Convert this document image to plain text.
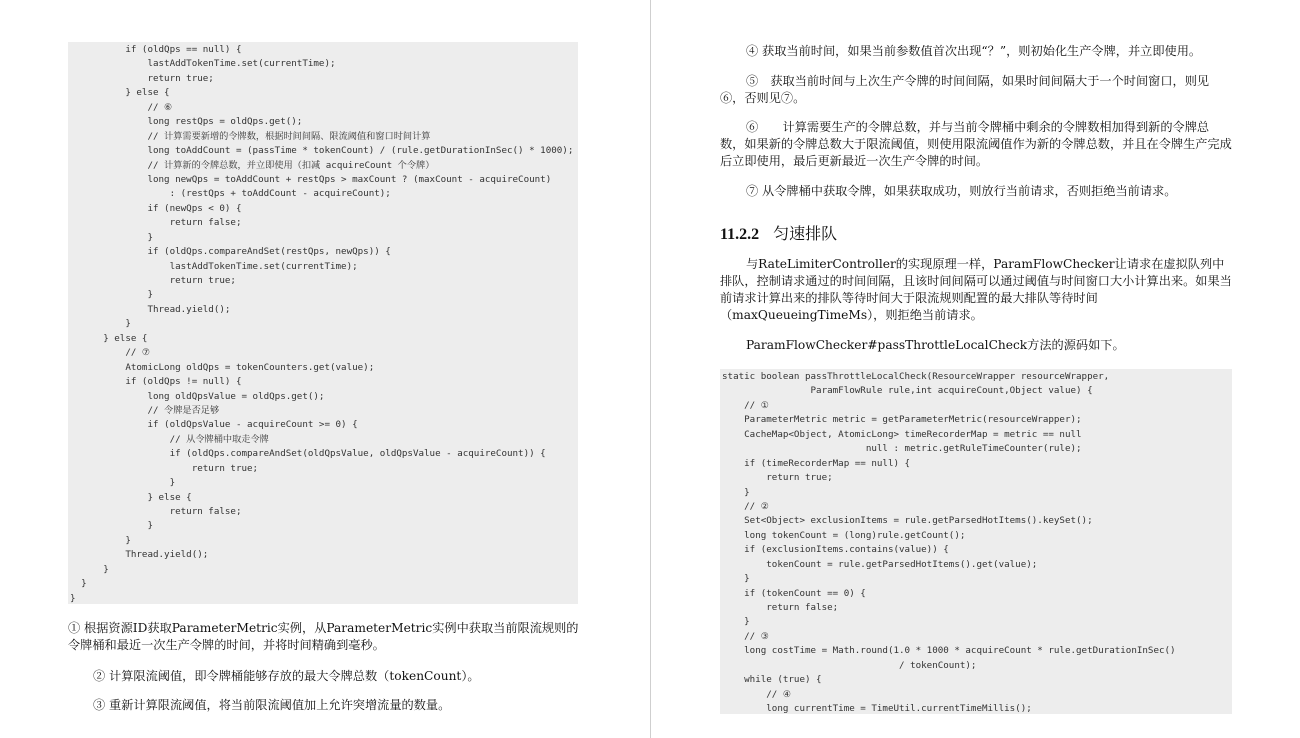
if (oldQps == null) {
lastAddTokenTime.set(currentTime);
return true;
} else {
// ⑥
long restQps = oldQps.get();
// 计算需要新增的令牌数，根据时间间隔、限流阈值和窗口时间计算
long toAddCount = (passTime * tokenCount) / (rule.getDurationInSec() * 1000);
// 计算新的令牌总数，并立即使用（扣减 acquireCount 个令牌）
long newQps = toAddCount + restQps > maxCount ? (maxCount - acquireCount)
: (restQps + toAddCount - acquireCount);
if (newQps < 0) {
return false;
}
if (oldQps.compareAndSet(restQps, newQps)) {
lastAddTokenTime.set(currentTime);
return true;
}
Thread.yield();
}
} else {
// ⑦
AtomicLong oldQps = tokenCounters.get(value);
if (oldQps != null) {
long oldQpsValue = oldQps.get();
// 令牌是否足够
if (oldQpsValue - acquireCount >= 0) {
// 从令牌桶中取走令牌
if (oldQps.compareAndSet(oldQpsValue, oldQpsValue - acquireCount)) {
return true;
}
} else {
return false;
}
}
Thread.yield();
}
}
}
① 根据资源ID获取ParameterMetric实例，从ParameterMetric实例中获取当前限流规则的令牌桶和最近一次生产令牌的时间，并将时间精确到毫秒。
② 计算限流阈值，即令牌桶能够存放的最大令牌总数（tokenCount）。
③ 重新计算限流阈值，将当前限流阈值加上允许突增流量的数量。
④ 获取当前时间，如果当前参数值首次出现“？”，则初始化生产令牌，并立即使用。
⑤　获取当前时间与上次生产令牌的时间间隔，如果时间间隔大于一个时间窗口，则见⑥，否则见⑦。
⑥　　计算需要生产的令牌总数，并与当前令牌桶中剩余的令牌数相加得到新的令牌总数，如果新的令牌总数大于限流阈值，则使用限流阈值作为新的令牌总数，并且在令牌生产完成后立即使用，最后更新最近一次生产令牌的时间。
⑦ 从令牌桶中获取令牌，如果获取成功，则放行当前请求，否则拒绝当前请求。
11.2.2 匀速排队
与RateLimiterController的实现原理一样，ParamFlowChecker让请求在虚拟队列中排队，控制请求通过的时间间隔，且该时间间隔可以通过阈值与时间窗口大小计算出来。如果当前请求计算出来的排队等待时间大于限流规则配置的最大排队等待时间（maxQueueingTimeMs），则拒绝当前请求。
ParamFlowChecker#passThrottleLocalCheck方法的源码如下。
static boolean passThrottleLocalCheck(ResourceWrapper resourceWrapper,
ParamFlowRule rule,int acquireCount,Object value) {
// ①
ParameterMetric metric = getParameterMetric(resourceWrapper);
CacheMap<Object, AtomicLong> timeRecorderMap = metric == null
null : metric.getRuleTimeCounter(rule);
if (timeRecorderMap == null) {
return true;
}
// ②
Set<Object> exclusionItems = rule.getParsedHotItems().keySet();
long tokenCount = (long)rule.getCount();
if (exclusionItems.contains(value)) {
tokenCount = rule.getParsedHotItems().get(value);
}
if (tokenCount == 0) {
return false;
}
// ③
long costTime = Math.round(1.0 * 1000 * acquireCount * rule.getDurationInSec()
/ tokenCount);
while (true) {
// ④
long currentTime = TimeUtil.currentTimeMillis();
